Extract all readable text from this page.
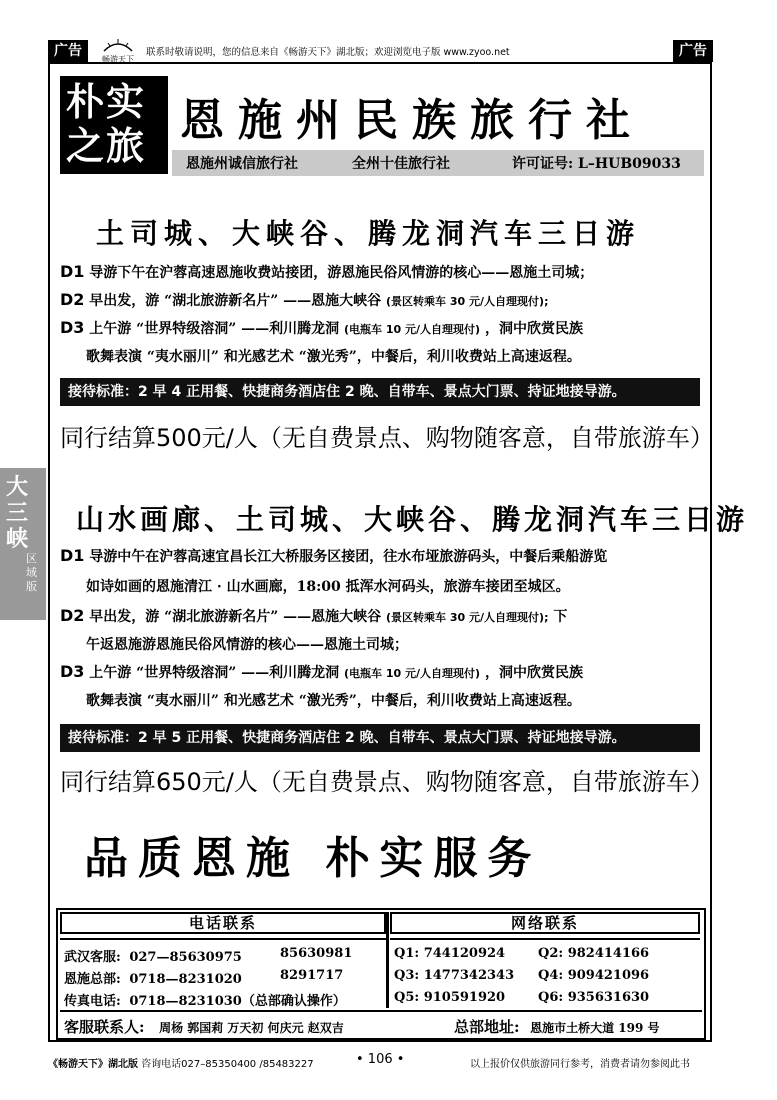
广告	广告
畅游天下
联系时敬请说明，您的信息来自《畅游天下》湖北版；欢迎浏览电子版 www.zyoo.net
朴实
之旅 恩施州民族旅行社
恩施州诚信旅行社	全州十佳旅行社	许可证号: L–HUB09033
大三峡
区域版
土司城、大峡谷、腾龙洞汽车三日游
D1 导游下午在沪蓉高速恩施收费站接团，游恩施民俗风情游的核心——恩施土司城；
D2 早出发，游 “湖北旅游新名片” ——恩施大峡谷 (景区转乘车 30 元/人自理现付);
D3 上午游 “世界特级溶洞” ——利川腾龙洞 (电瓶车 10 元/人自理现付) ，洞中欣赏民族
歌舞表演 “夷水丽川” 和光感艺术 “激光秀”，中餐后，利川收费站上高速返程。
接待标准：2 早 4 正用餐、快捷商务酒店住 2 晚、自带车、景点大门票、持证地接导游。
同行结算500元/人（无自费景点、购物随客意，自带旅游车）
山水画廊、土司城、大峡谷、腾龙洞汽车三日游
D1 导游中午在沪蓉高速宜昌长江大桥服务区接团，往水布垭旅游码头，中餐后乘船游览
如诗如画的恩施清江 · 山水画廊，18:00 抵浑水河码头，旅游车接团至城区。
D2 早出发，游 “湖北旅游新名片” ——恩施大峡谷 (景区转乘车 30 元/人自理现付); 下
午返恩施游恩施民俗风情游的核心——恩施土司城；
D3 上午游 “世界特级溶洞” ——利川腾龙洞 (电瓶车 10 元/人自理现付) ，洞中欣赏民族
歌舞表演 “夷水丽川” 和光感艺术 “激光秀”，中餐后，利川收费站上高速返程。
接待标准：2 早 5 正用餐、快捷商务酒店住 2 晚、自带车、景点大门票、持证地接导游。
同行结算650元/人（无自费景点、购物随客意，自带旅游车）
品质恩施 朴实服务
电话联系	网络联系
武汉客服: 027—85630975	85630981
恩施总部: 0718—8231020	8291717
传真电话: 0718—8231030（总部确认操作）
Q1: 744120924	Q2: 982414166
Q3: 1477342343 Q4: 909421096
Q5: 910591920	Q6: 935631630
客服联系人: 周杨 郭国莉 万天初 何庆元 赵双吉	总部地址: 恩施市土桥大道 199 号
《畅游天下》湖北版 咨询电话027–85350400 /85483227	• 106 •	以上报价仅供旅游同行参考，消费者请勿参阅此书
